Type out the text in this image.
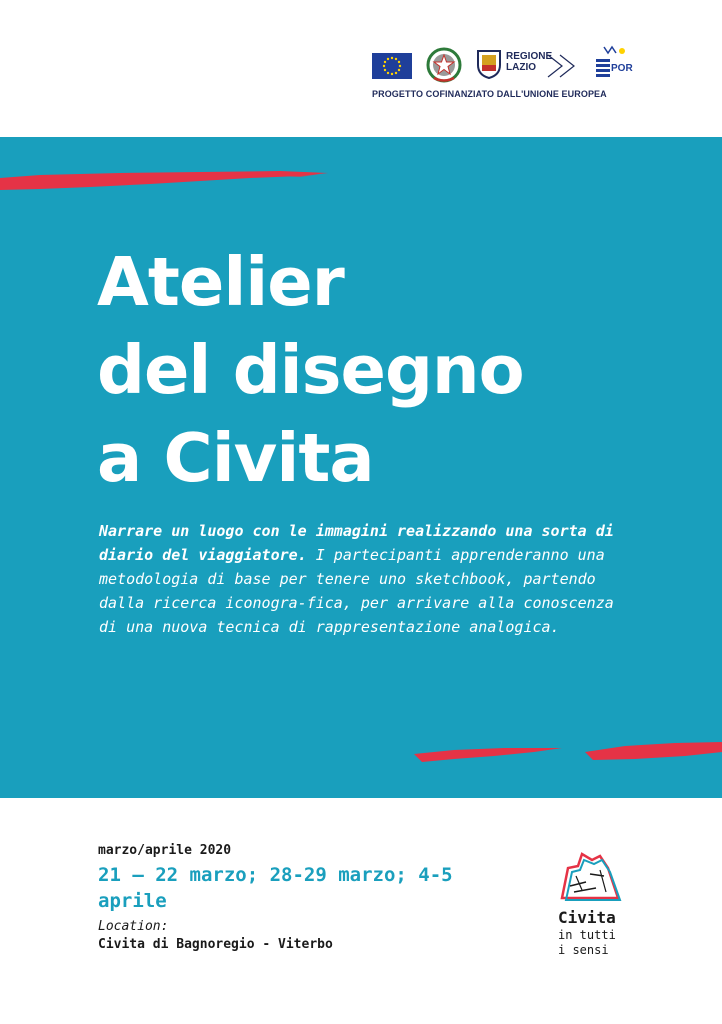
REGIONE
LAZIO	POR
PROGETTO COFINANZIATO DALL'UNIONE EUROPEA
Atelier
del disegno
a Civita
Narrare un luogo con le immagini realizzando una sorta di diario del viaggiatore. I partecipanti apprenderanno una metodologia di base per tenere uno sketchbook, partendo dalla ricerca iconogra-fica, per arrivare alla conoscenza di una nuova tecnica di rappresentazione analogica.
marzo/aprile 2020
21 – 22 marzo; 28-29 marzo; 4-5 aprile
Location:
Civita di Bagnoregio - Viterbo
Civita
in tutti
i sensi
